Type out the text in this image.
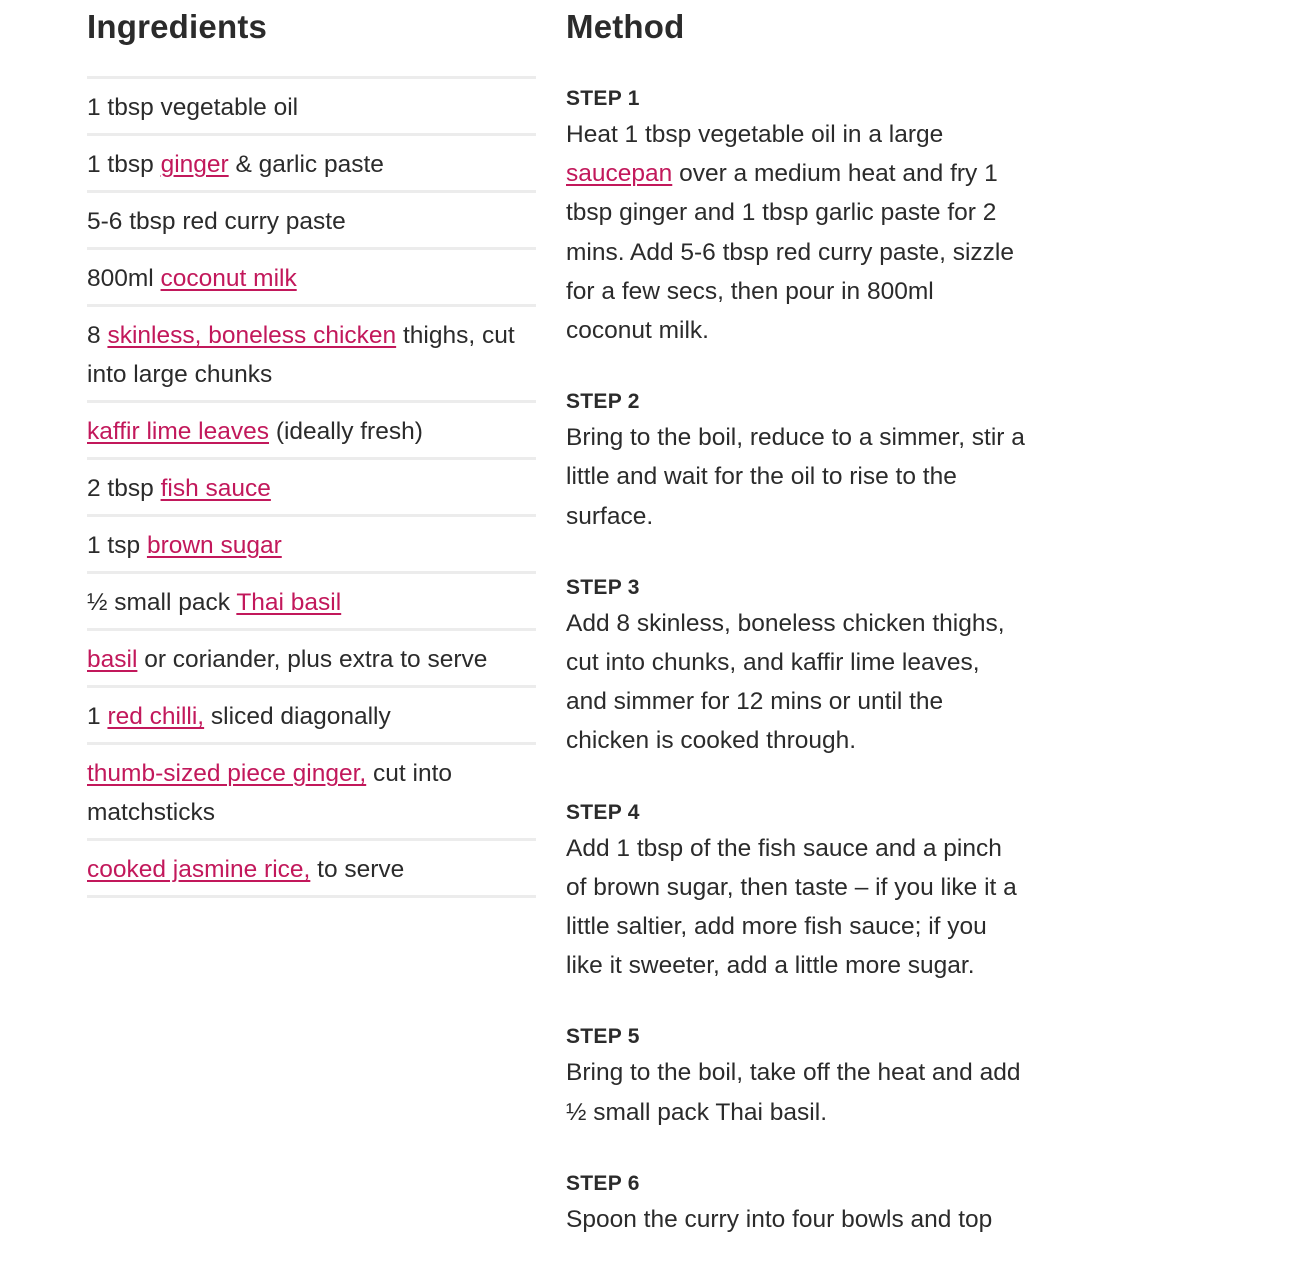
Ingredients
1 tbsp vegetable oil
1 tbsp ginger & garlic paste
5-6 tbsp red curry paste
800ml coconut milk
8 skinless, boneless chicken thighs, cut into large chunks
kaffir lime leaves (ideally fresh)
2 tbsp fish sauce
1 tsp brown sugar
½ small pack Thai basil
basil or coriander, plus extra to serve
1 red chilli, sliced diagonally
thumb-sized piece ginger, cut into matchsticks
cooked jasmine rice, to serve
Method
STEP 1
Heat 1 tbsp vegetable oil in a large saucepan over a medium heat and fry 1 tbsp ginger and 1 tbsp garlic paste for 2 mins. Add 5-6 tbsp red curry paste, sizzle for a few secs, then pour in 800ml coconut milk.
STEP 2
Bring to the boil, reduce to a simmer, stir a little and wait for the oil to rise to the surface.
STEP 3
Add 8 skinless, boneless chicken thighs, cut into chunks, and kaffir lime leaves, and simmer for 12 mins or until the chicken is cooked through.
STEP 4
Add 1 tbsp of the fish sauce and a pinch of brown sugar, then taste – if you like it a little saltier, add more fish sauce; if you like it sweeter, add a little more sugar.
STEP 5
Bring to the boil, take off the heat and add ½ small pack Thai basil.
STEP 6
Spoon the curry into four bowls and top
